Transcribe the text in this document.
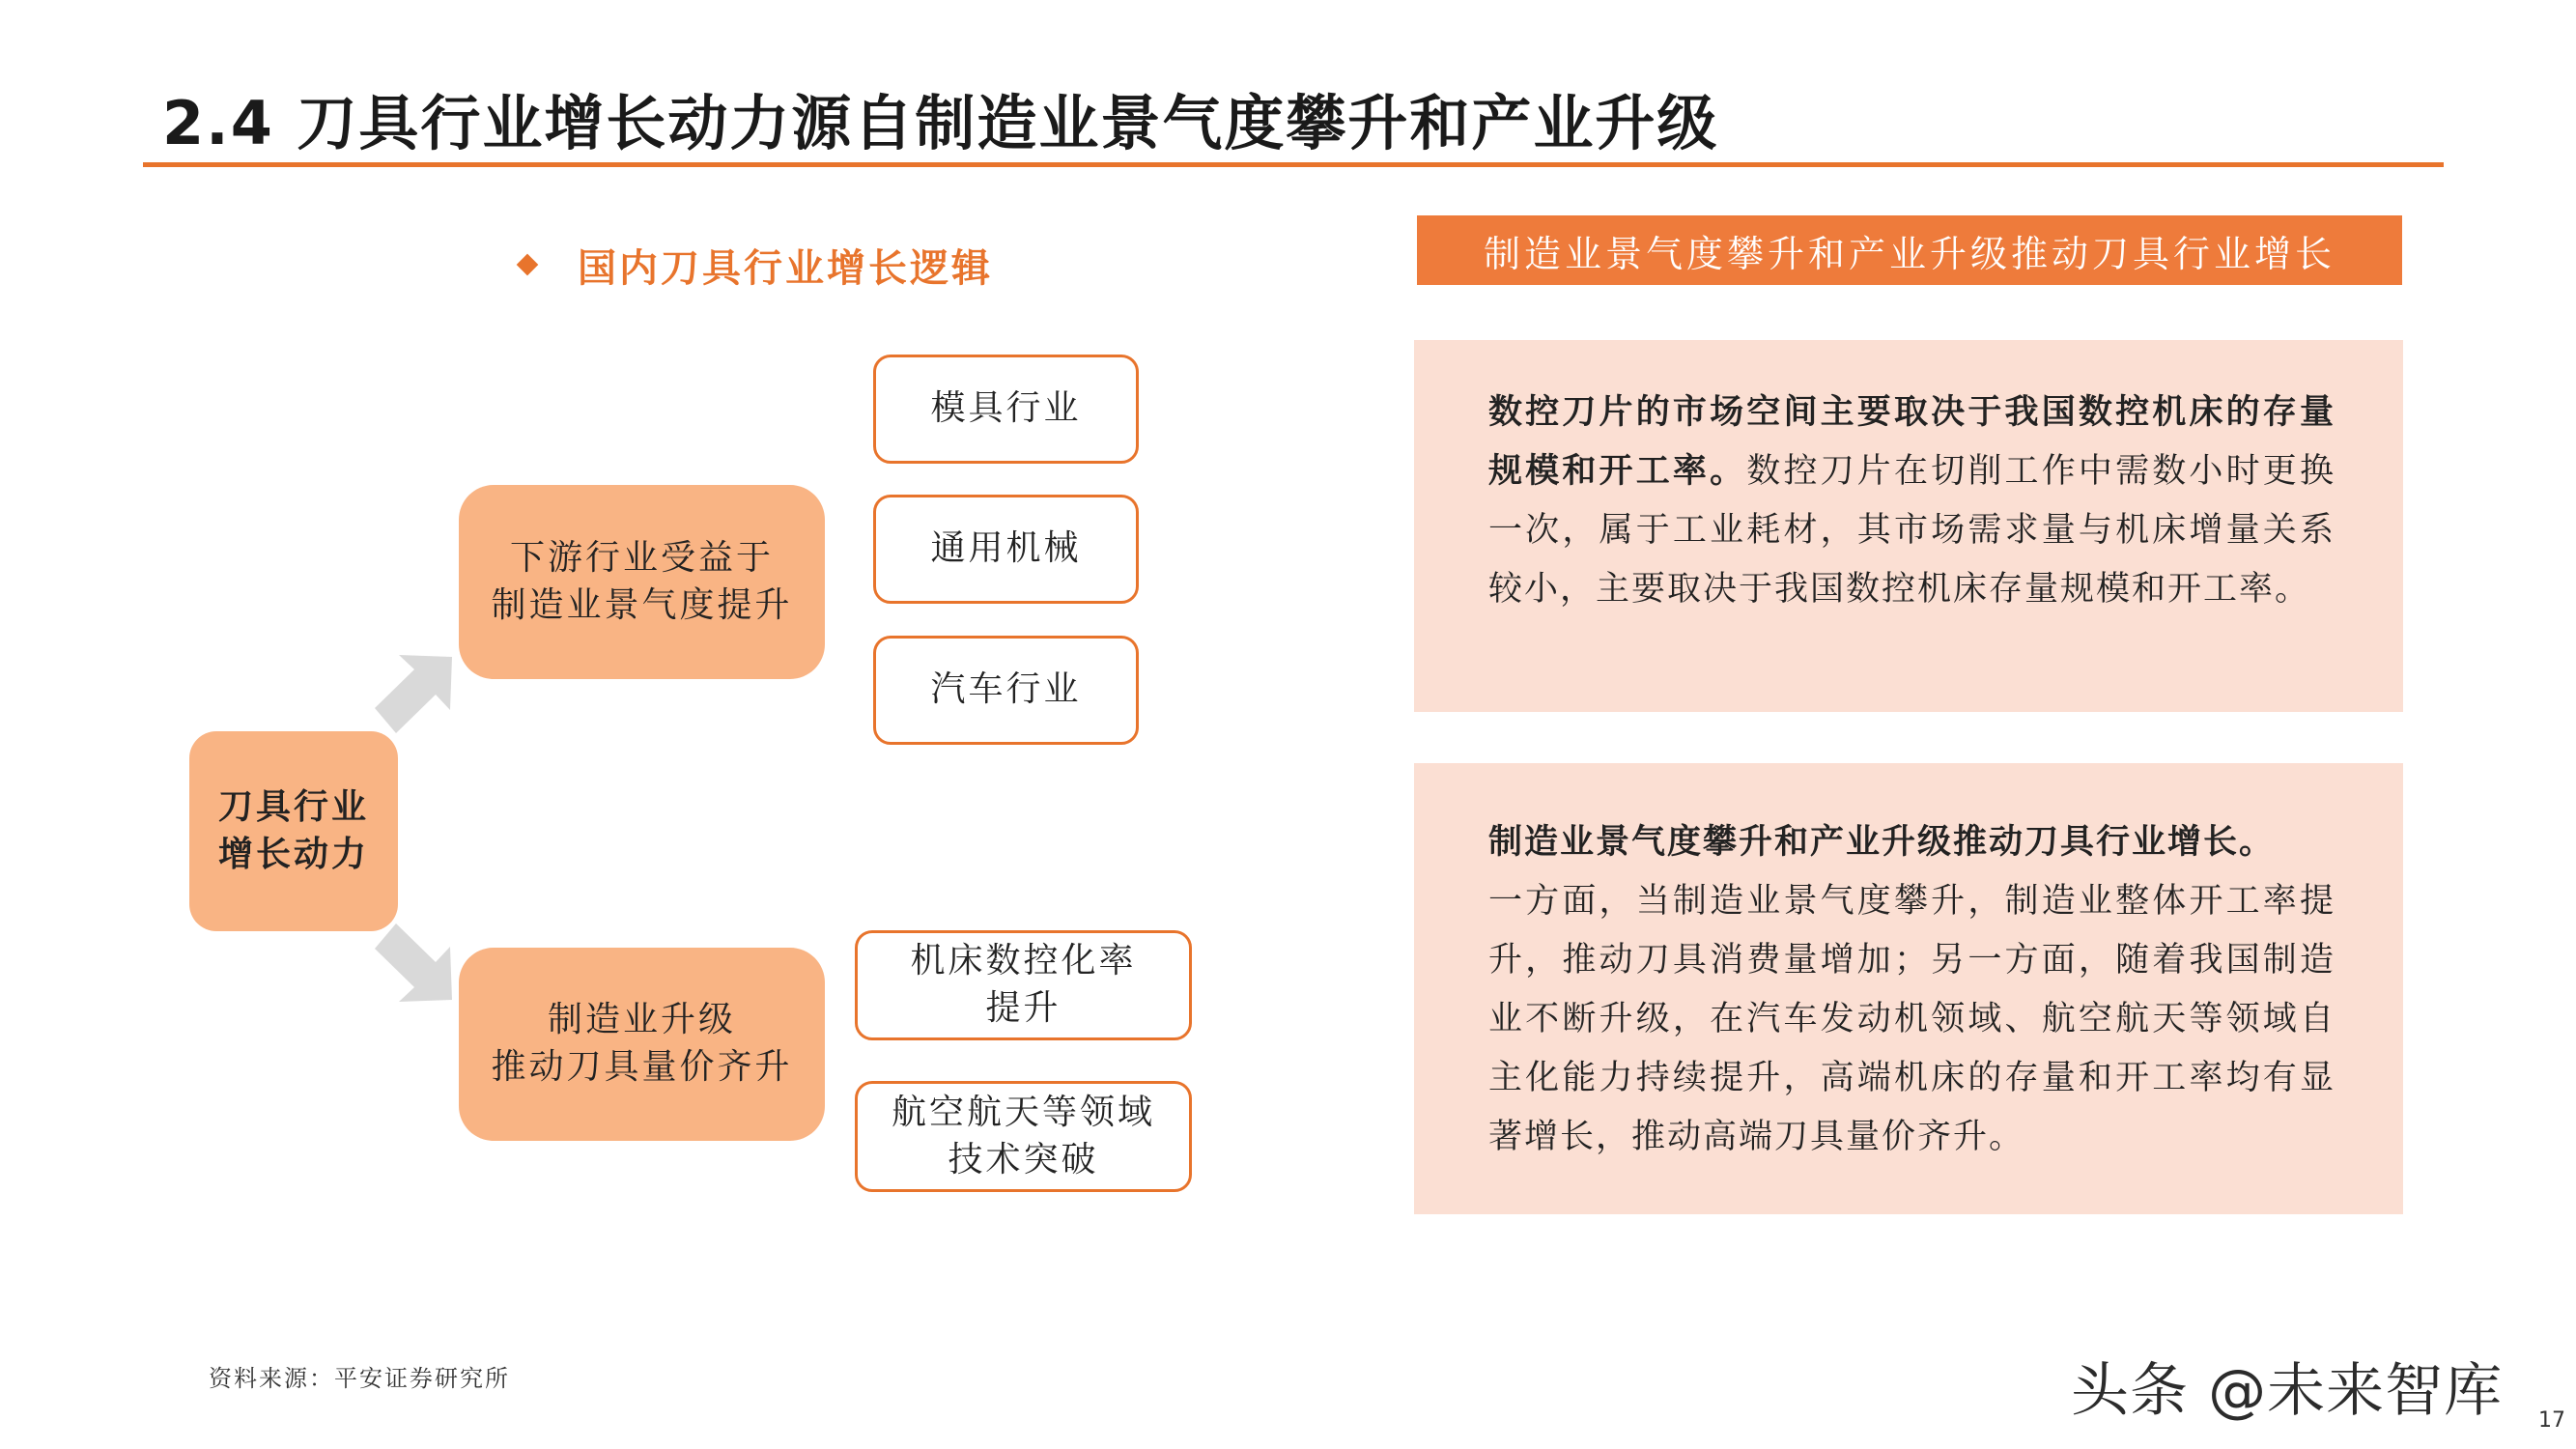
2.4 刀具行业增长动力源自制造业景气度攀升和产业升级
国内刀具行业增长逻辑
刀具行业
增长动力
下游行业受益于
制造业景气度提升
制造业升级
推动刀具量价齐升
模具行业
通用机械
汽车行业
机床数控化率
提升
航空航天等领域
技术突破
制造业景气度攀升和产业升级推动刀具行业增长
数控刀片的市场空间主要取决于我国数控机床的存量规模和开工率。数控刀片在切削工作中需数小时更换一次，属于工业耗材，其市场需求量与机床增量关系较小，主要取决于我国数控机床存量规模和开工率。
制造业景气度攀升和产业升级推动刀具行业增长。
一方面，当制造业景气度攀升，制造业整体开工率提升，推动刀具消费量增加；另一方面，随着我国制造业不断升级，在汽车发动机领域、航空航天等领域自主化能力持续提升，高端机床的存量和开工率均有显著增长，推动高端刀具量价齐升。
资料来源：平安证券研究所	头条 @未来智库 17
